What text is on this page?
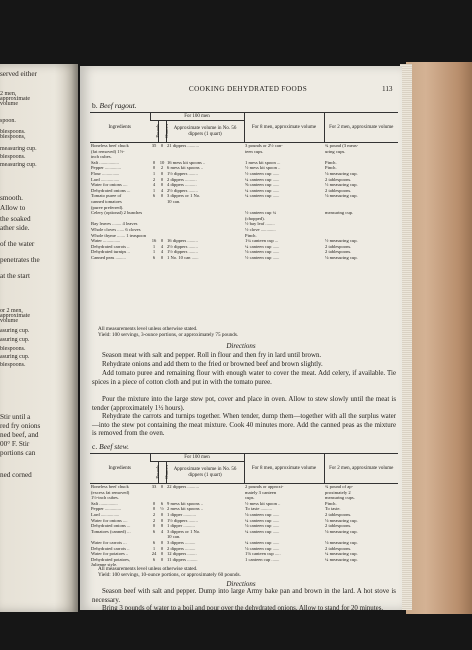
served either
2 men,
approximate
volume
spoon.
blespoons.
blespoons,
measuring cup.
blespoons.
measuring cup.
smooth.
Allow to
the soaked
ather side.
of the water
penetrates the
at the start
or 2 men,
approximate
volume
asuring cup.
asuring cup.
blespoons.
asuring cup.
blespoons.
Stir until a
red fry onions
ned beef, and
00° F. Stir
portions can
ned corned
COOKING DEHYDRATED FOODS	113
b. Beef ragout.
Ingredients	For 100 men			For 8 men, approximate volume	For 2 men, approximate volume
	Pounds	Ounces	Approximate volume in No. 56 dippers (1 quart)		
Boneless beef chuck	35	0	21 dippers ..........	3 pounds or 2½ can-	¾ pound (3 meas-
(fat removed) 1½-				teen cups.	uring cups.
inch cubes.					
Salt .................	0	10	16 mess kit spoons ..	1 mess kit spoon ...	Pinch.
Pepper ..............	0	2	6 mess kit spoons ..	½ mess kit spoon ..	Pinch.
Flour ...............	1	0	1½ dippers ........	½ canteen cup ......	⅛ measuring cup.
Lard ................	2	0	2 dippers ..........	¼ canteen cup ......	2 tablespoons.
Water for onions ....	4	0	4 dippers ..........	⅝ canteen cup ......	⅓ measuring cup.
Dehydrated onions ...	1	4	2½ dippers ........	¼ canteen cup ......	2 tablespoons.
Tomato puree of	6	0	3 dippers or 1 No.	¼ canteen cup ......	⅛ measuring cup.
canned tomatoes			10 can.		
(puree preferred).					
Celery (optional) 2 bunches				½ canteen cup ¼	measuring cup.
				(chopped).	
Bay leaves ........ 4 leaves				½ bay leaf ........	
Whole cloves ...... 6 cloves				½ clove .............	
Whole thyme ....... 1 teaspoon				Pinch.	
Water ...............	16	0	16 dippers .........	1¼ canteen cup ...	½ measuring cup.
Dehydrated carrots ..	1	4	2½ dippers ........	¼ canteen cup ......	2 tablespoons.
Dehydrated turnips ..	1	4	1½ dippers ........	⅛ canteen cup ......	2 tablespoons.
Canned peas .........	6	0	1 No. 10 can ......	½ canteen cup ......	⅛ measuring cup.
All measurements level unless otherwise stated.
Yield: 100 servings, 3-ounce portions, or approximately 75 pounds.
Directions
Season meat with salt and pepper. Roll in flour and then fry in lard until brown.
Rehydrate onions and add them to the fried or browned beef and brown slightly.
Add tomato puree and remaining flour with enough water to cover the meat. Add celery, if available. Tie spices in a piece of cotton cloth and put in with the tomato puree.
Pour the mixture into the large stew pot, cover and place in oven. Allow to stew slowly until the meat is tender (approximately 1½ hours).
Rehydrate the carrots and turnips together. When tender, dump them—together with all the surplus water—into the stew pot containing the meat mixture. Cook 40 minutes more. Add the canned peas as the mixture is removed from the oven.
c. Beef stew.
Ingredients	For 100 men			For 8 men, approximate volume	For 2 men, approximate volume
	Pounds	Ounces	Approximate volume in No. 56 dippers (1 quart)		
Boneless beef chuck	33	0	22 dippers ..........	2 pounds or approxi-	¾ pound of ap-
(excess fat removed)				mately 3 canteen	proximately 2
1½-inch cubes.				cups.	measuring cups.
Salt ................	0	6	9 mess kit spoons ..	½ mess kit spoon ..	Pinch.
Pepper ..............	0	½	2 mess kit spoons ..	To taste ..........	To taste.
Lard ................	2	0	1 dipper ...........	⅛ canteen cup ......	2 tablespoons.
Water for onions ....	2	0	1½ dippers ........	¼ canteen cup ......	⅛ measuring cup.
Dehydrated onions ...	0	8	1 dipper ..........	⅛ canteen cup ......	2 tablespoons.
Tomatoes (canned) ...	6	4	3 dippers or 1 No.	¼ canteen cup ......	⅛ measuring cup.
			10 can.		
Water for carrots ...	6	0	3 dippers .........	¼ canteen cup ......	⅛ measuring cup.
Dehydrated carrots ..	1	0	2 dippers .........	⅛ canteen cup ......	2 tablespoons.
Water for potatoes ..	24	0	12 dippers ........	1⅛ canteen cup .....	¼ measuring cup.
Dehydrated potatoes,	6	0	11 dippers .........	1 canteen cup .......	¼ measuring cup.
Julienne style.					
All measurements level unless otherwise stated.
Yield: 100 servings, 10-ounce portions, or approximately 60 pounds.
Directions
Season beef with salt and pepper. Dump into large Army bake pan and brown in the lard. A hot stove is necessary.
Bring 3 pounds of water to a boil and pour over the dehydrated onions. Allow to stand for 20 minutes.
